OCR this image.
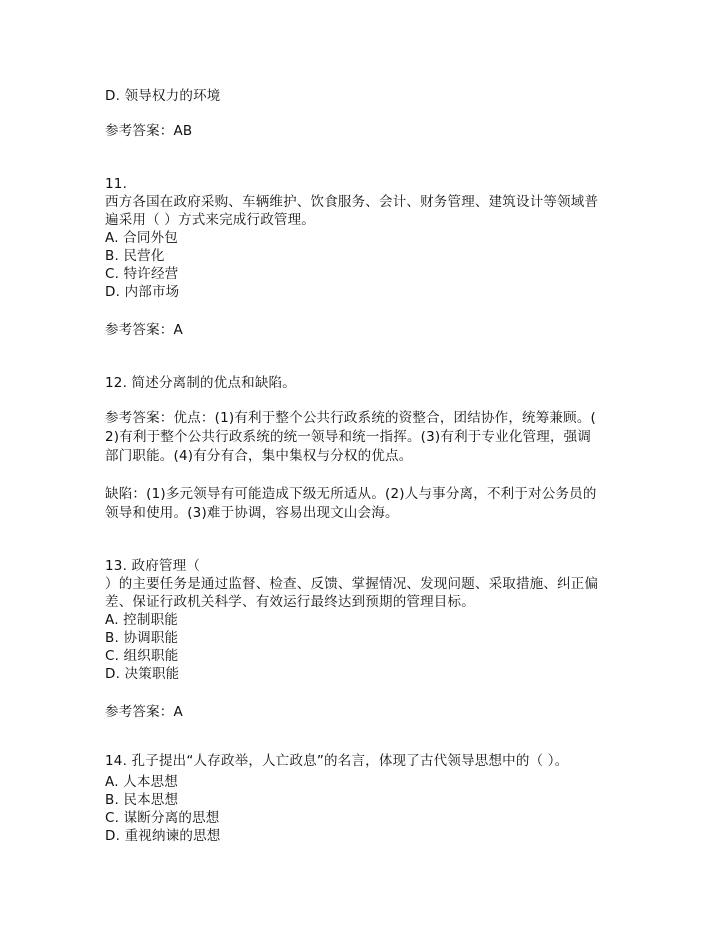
D. 领导权力的环境
参考答案：AB
11.
西方各国在政府采购、车辆维护、饮食服务、会计、财务管理、建筑设计等领域普
遍采用（ ）方式来完成行政管理。
A. 合同外包
B. 民营化
C. 特许经营
D. 内部市场
参考答案：A
12. 简述分离制的优点和缺陷。
参考答案：优点：(1)有利于整个公共行政系统的资整合，团结协作，统筹兼顾。(
2)有利于整个公共行政系统的统一领导和统一指挥。(3)有利于专业化管理，强调
部门职能。(4)有分有合，集中集权与分权的优点。
缺陷：(1)多元领导有可能造成下级无所适从。(2)人与事分离，不利于对公务员的
领导和使用。(3)难于协调，容易出现文山会海。
13. 政府管理（
）的主要任务是通过监督、检查、反馈、掌握情况、发现问题、采取措施、纠正偏
差、保证行政机关科学、有效运行最终达到预期的管理目标。
A. 控制职能
B. 协调职能
C. 组织职能
D. 决策职能
参考答案：A
14. 孔子提出“人存政举，人亡政息”的名言，体现了古代领导思想中的（ ）。
A. 人本思想
B. 民本思想
C. 谋断分离的思想
D. 重视纳谏的思想
